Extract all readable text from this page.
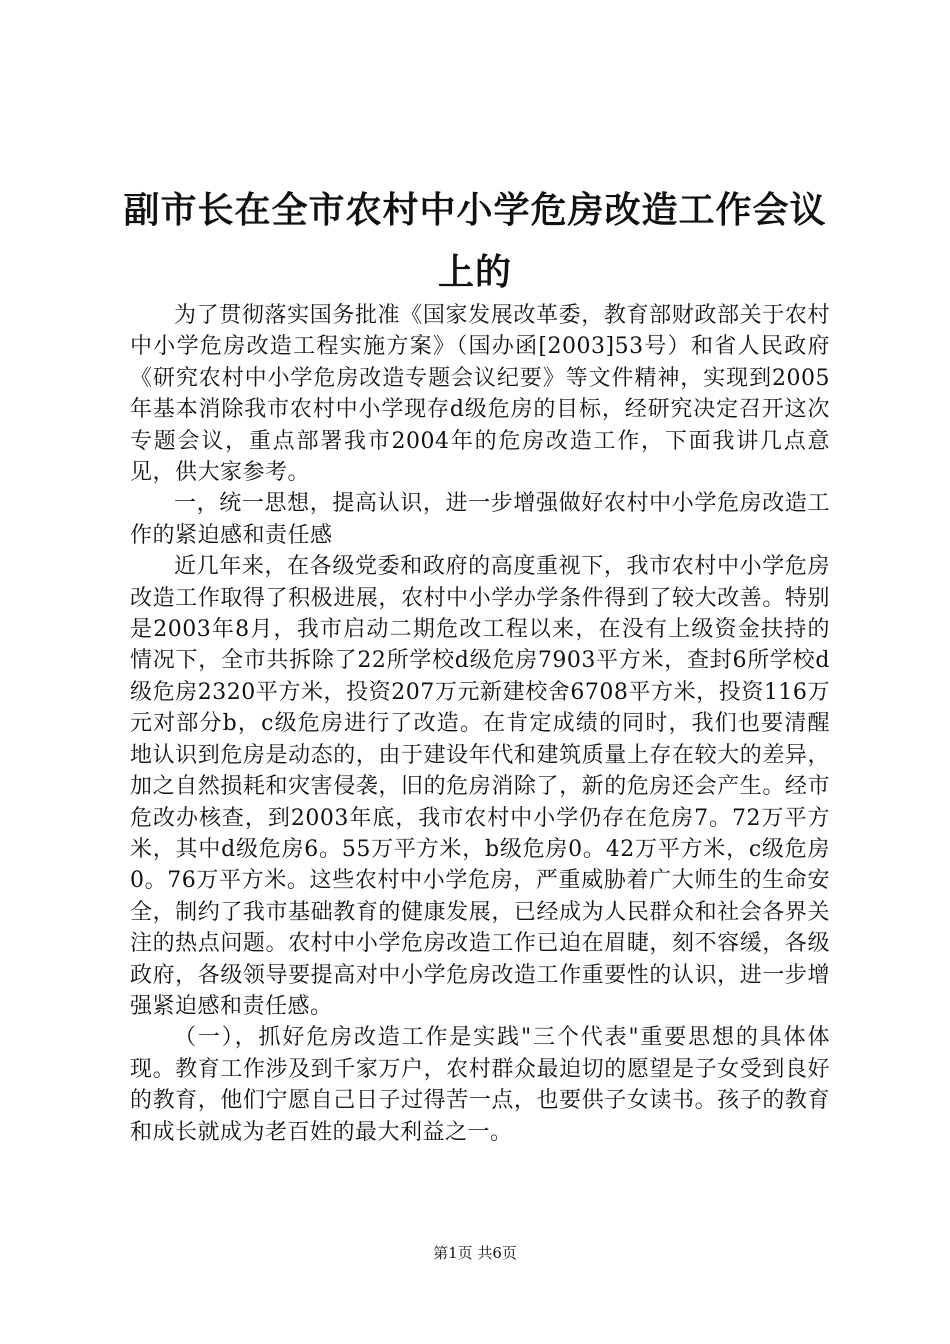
副市长在全市农村中小学危房改造工作会议上的

为了贯彻落实国务批准《国家发展改革委，教育部财政部关于农村中小学危房改造工程实施方案》（国办函[2003]53号）和省人民政府《研究农村中小学危房改造专题会议纪要》等文件精神，实现到2005年基本消除我市农村中小学现存d级危房的目标，经研究决定召开这次专题会议，重点部署我市2004年的危房改造工作，下面我讲几点意见，供大家参考。

一，统一思想，提高认识，进一步增强做好农村中小学危房改造工作的紧迫感和责任感

近几年来，在各级党委和政府的高度重视下，我市农村中小学危房改造工作取得了积极进展，农村中小学办学条件得到了较大改善。特别是2003年8月，我市启动二期危改工程以来，在没有上级资金扶持的情况下，全市共拆除了22所学校d级危房7903平方米，查封6所学校d级危房2320平方米，投资207万元新建校舍6708平方米，投资116万元对部分b，c级危房进行了改造。在肯定成绩的同时，我们也要清醒地认识到危房是动态的，由于建设年代和建筑质量上存在较大的差异，加之自然损耗和灾害侵袭，旧的危房消除了，新的危房还会产生。经市危改办核查，到2003年底，我市农村中小学仍存在危房7。72万平方米，其中d级危房6。55万平方米，b级危房0。42万平方米，c级危房0。76万平方米。这些农村中小学危房，严重威胁着广大师生的生命安全，制约了我市基础教育的健康发展，已经成为人民群众和社会各界关注的热点问题。农村中小学危房改造工作已迫在眉睫，刻不容缓，各级政府，各级领导要提高对中小学危房改造工作重要性的认识，进一步增强紧迫感和责任感。

（一），抓好危房改造工作是实践"三个代表"重要思想的具体体现。教育工作涉及到千家万户，农村群众最迫切的愿望是子女受到良好的教育，他们宁愿自己日子过得苦一点，也要供子女读书。孩子的教育和成长就成为老百姓的最大利益之一。

第1页 共6页
